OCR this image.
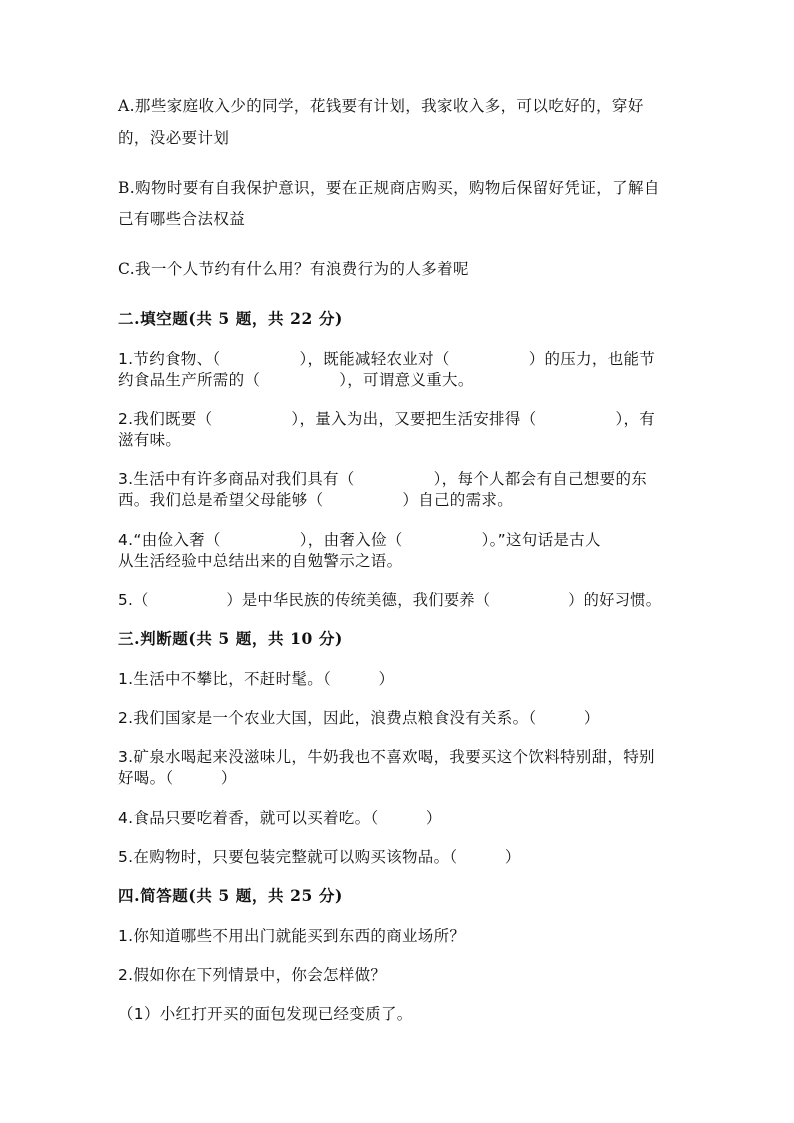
A.那些家庭收入少的同学，花钱要有计划，我家收入多，可以吃好的，穿好
的，没必要计划
B.购物时要有自我保护意识，要在正规商店购买，购物后保留好凭证，了解自
己有哪些合法权益
C.我一个人节约有什么用？有浪费行为的人多着呢
二.填空题(共 5 题，共 22 分)
1.节约食物、（　　　　　），既能减轻农业对（　　　　　）的压力，也能节
约食品生产所需的（　　　　　），可谓意义重大。
2.我们既要（　　　　　），量入为出，又要把生活安排得（　　　　　），有
滋有味。
3.生活中有许多商品对我们具有（　　　　　），每个人都会有自己想要的东
西。我们总是希望父母能够（　　　　　）自己的需求。
4.“由俭入奢（　　　　　），由奢入俭（　　　　　）。”这句话是古人
从生活经验中总结出来的自勉警示之语。
5.（　　　　　）是中华民族的传统美德，我们要养（　　　　　）的好习惯。
三.判断题(共 5 题，共 10 分)
1.生活中不攀比，不赶时髦。（　　　）
2.我们国家是一个农业大国，因此，浪费点粮食没有关系。（　　　）
3.矿泉水喝起来没滋味儿，牛奶我也不喜欢喝，我要买这个饮料特别甜，特别
好喝。（　　　）
4.食品只要吃着香，就可以买着吃。（　　　）
5.在购物时，只要包装完整就可以购买该物品。（　　　）
四.简答题(共 5 题，共 25 分)
1.你知道哪些不用出门就能买到东西的商业场所？
2.假如你在下列情景中，你会怎样做？
（1）小红打开买的面包发现已经变质了。
